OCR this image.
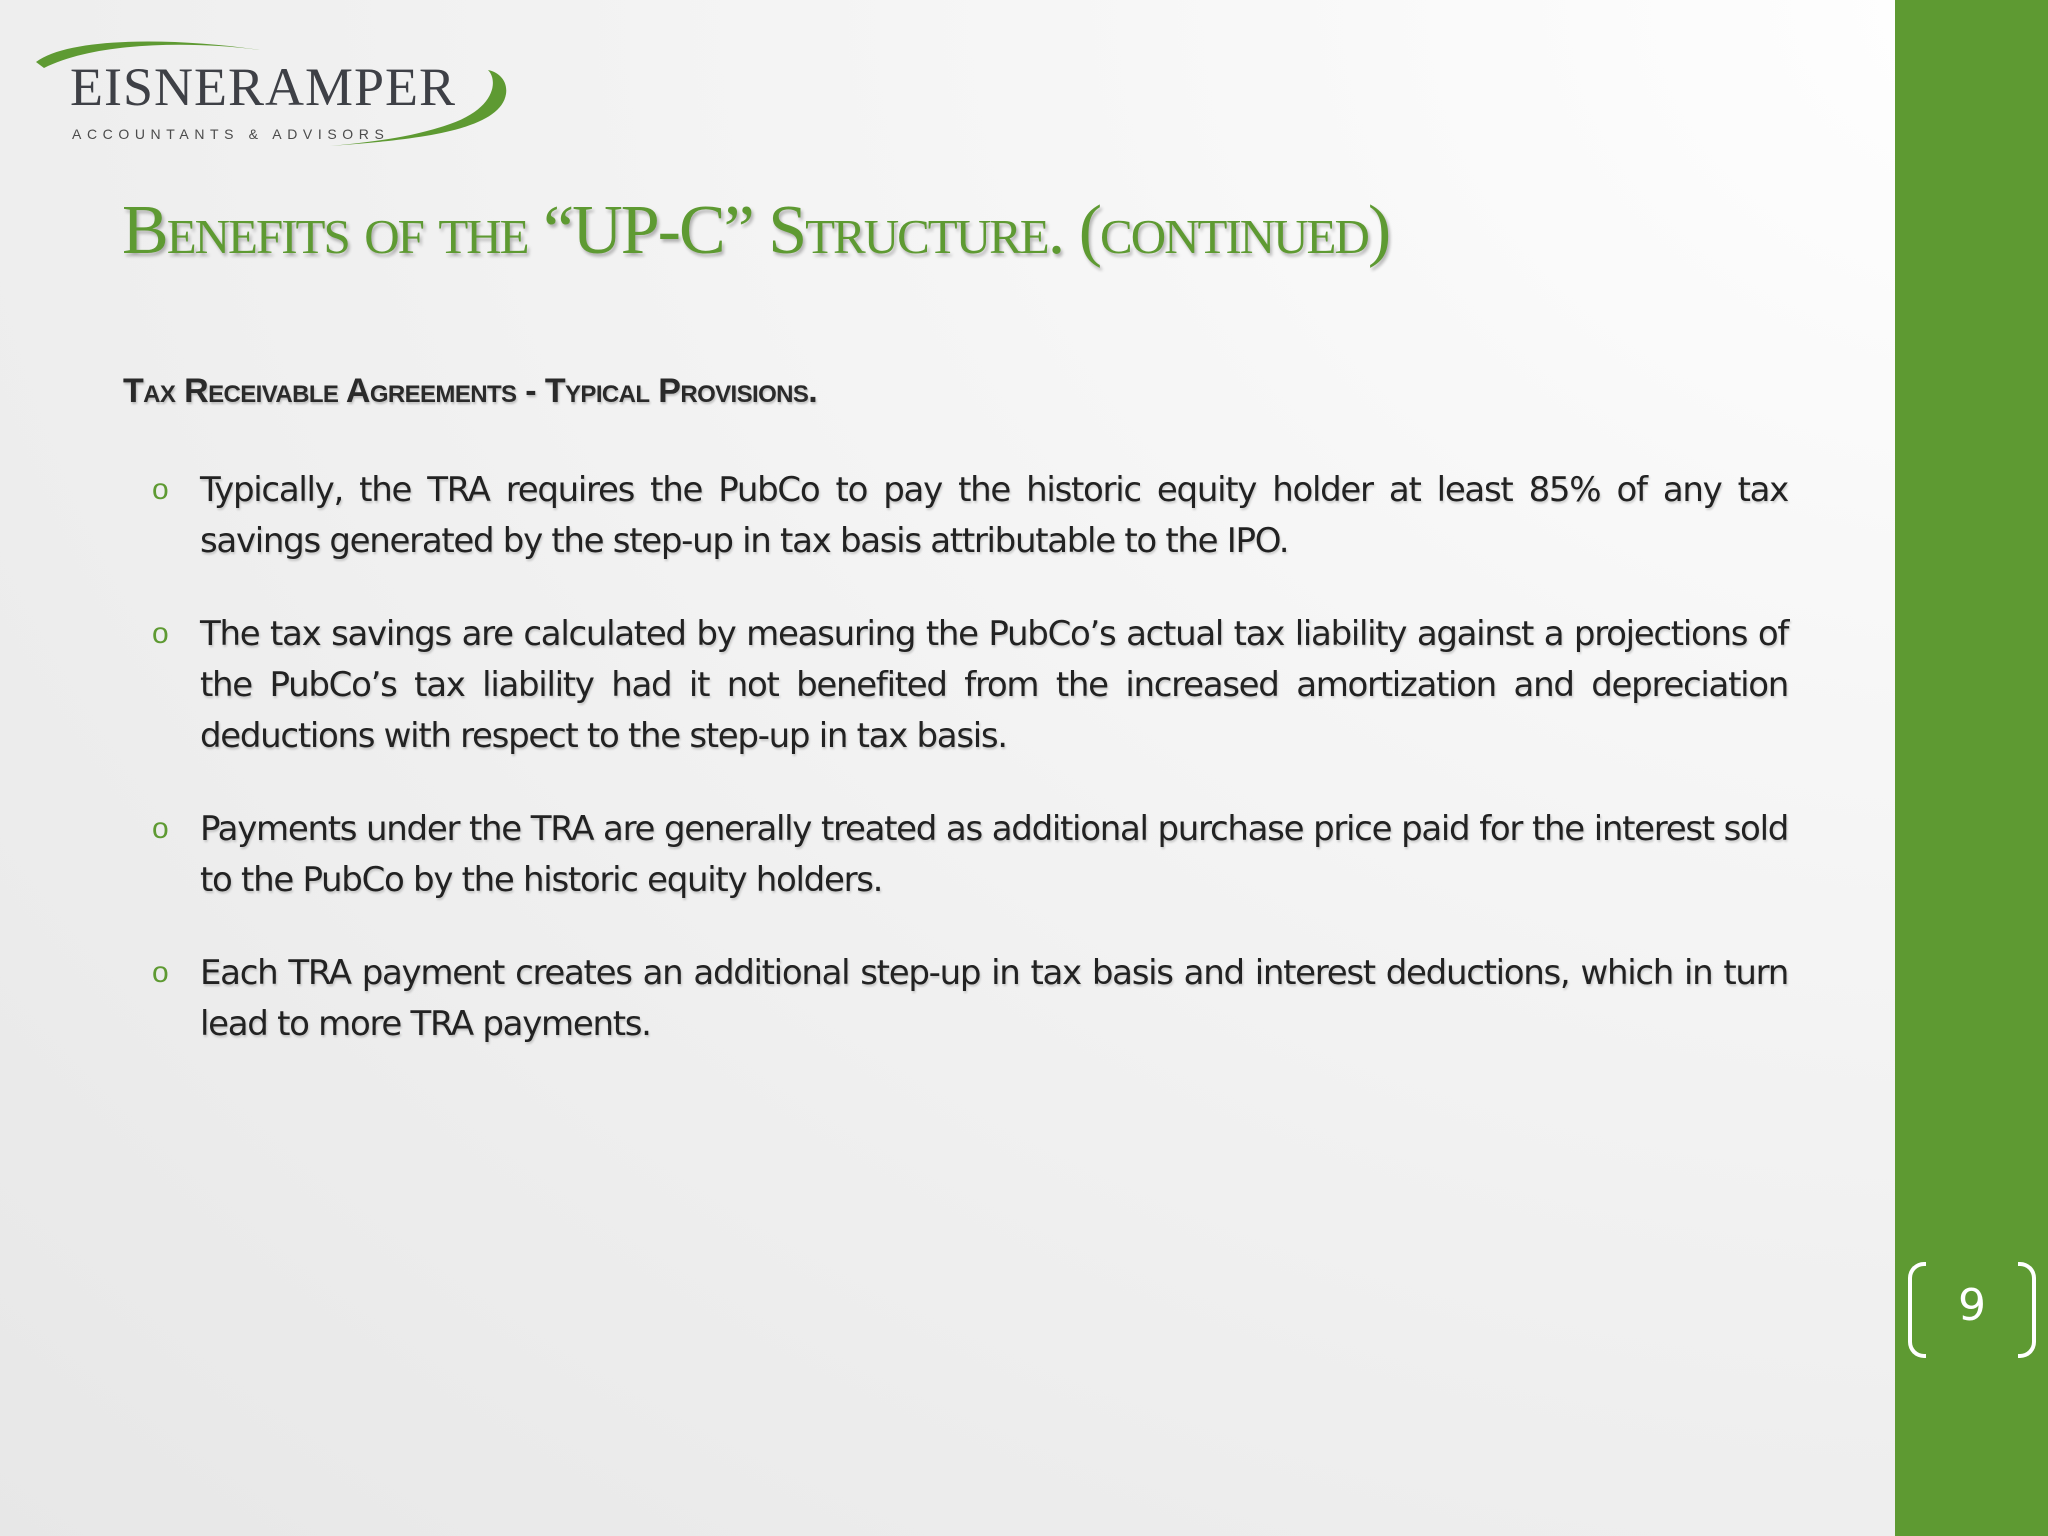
EISNERAMPER
ACCOUNTANTS & ADVISORS
Benefits of the “UP-C” Structure. (continued)
Tax Receivable Agreements - Typical Provisions.
o Typically, the TRA requires the PubCo to pay the historic equity holder at least 85% of any tax savings generated by the step-up in tax basis attributable to the IPO.
o The tax savings are calculated by measuring the PubCo’s actual tax liability against a projections of the PubCo’s tax liability had it not benefited from the increased amortization and depreciation deductions with respect to the step-up in tax basis.
o Payments under the TRA are generally treated as additional purchase price paid for the interest sold to the PubCo by the historic equity holders.
o Each TRA payment creates an additional step-up in tax basis and interest deductions, which in turn lead to more TRA payments.
9
